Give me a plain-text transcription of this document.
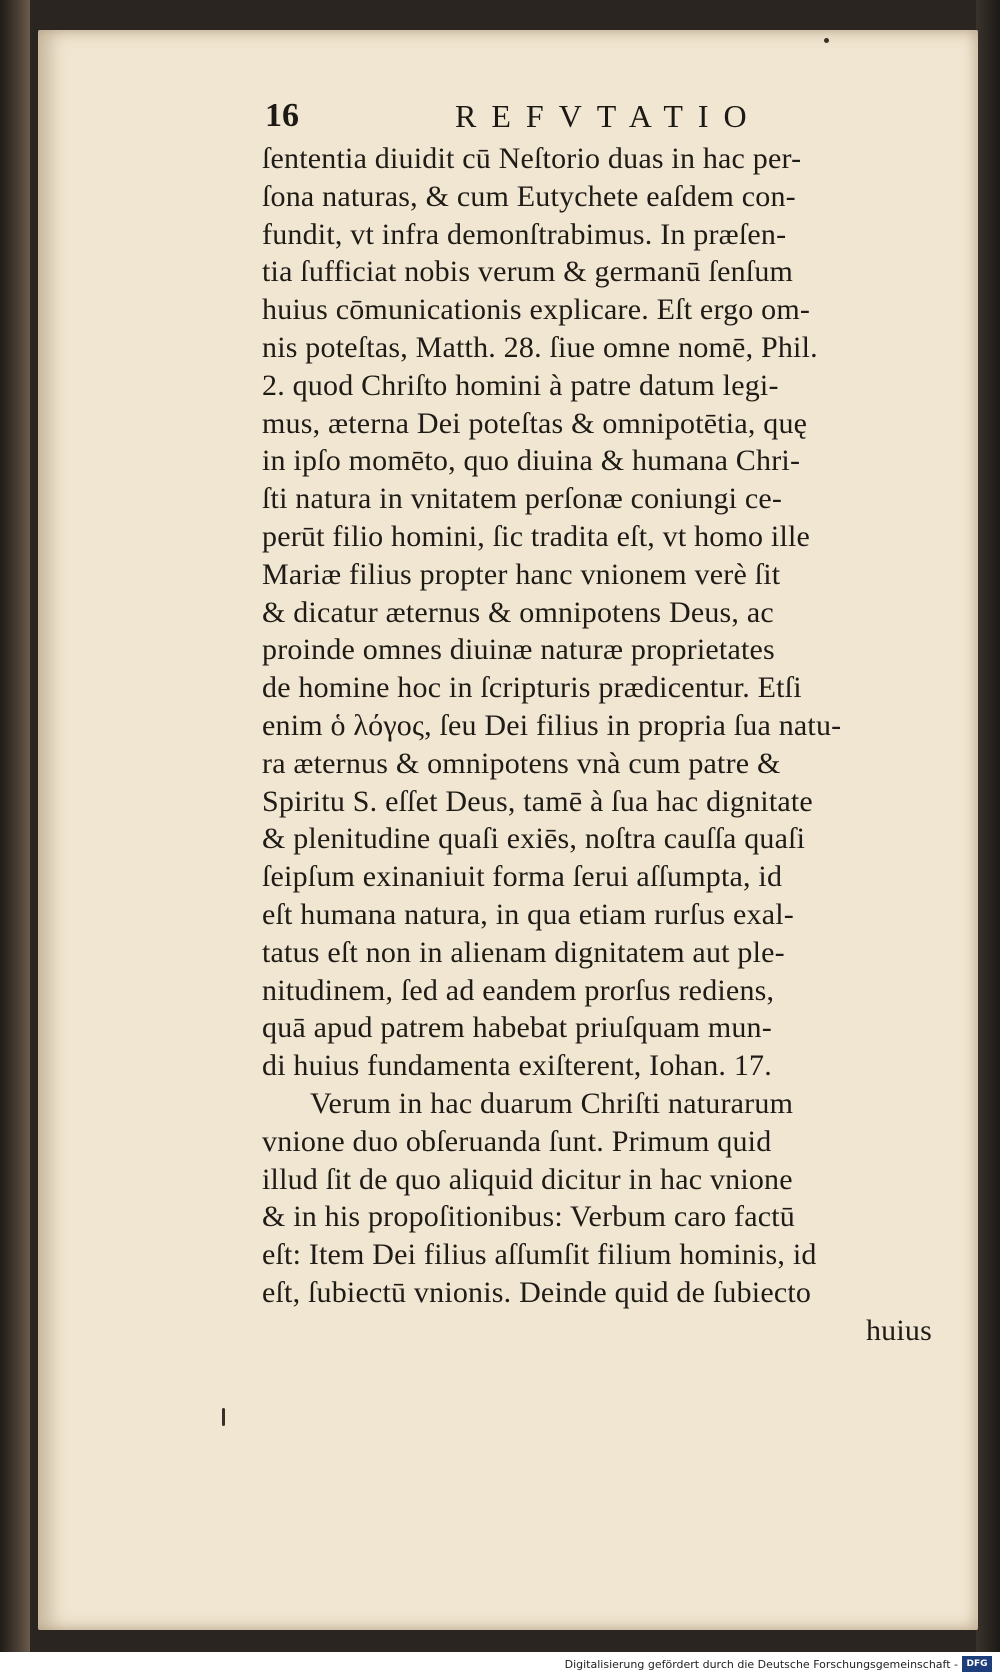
16	REFVTATIO
ſententia diuidit cū Neſtorio duas in hac per-
ſona naturas, & cum Eutychete eaſdem con-
fundit, vt infra demonſtrabimus. In præſen-
tia ſufficiat nobis verum & germanū ſenſum
huius cōmunicationis explicare. Eſt ergo om-
nis poteſtas, Matth. 28. ſiue omne nomē, Phil.
2. quod Chriſto homini à patre datum legi-
mus, æterna Dei poteſtas & omnipotētia, quę
in ipſo momēto, quo diuina & humana Chri-
ſti natura in vnitatem perſonæ coniungi ce-
perūt filio homini, ſic tradita eſt, vt homo ille
Mariæ filius propter hanc vnionem verè ſit
& dicatur æternus & omnipotens Deus, ac
proinde omnes diuinæ naturæ proprietates
de homine hoc in ſcripturis prædicentur. Etſi
enim ὁ λόγος, ſeu Dei filius in propria ſua natu-
ra æternus & omnipotens vnà cum patre &
Spiritu S. eſſet Deus, tamē à ſua hac dignitate
& plenitudine quaſi exiēs, noſtra cauſſa quaſi
ſeipſum exinaniuit forma ſerui aſſumpta, id
eſt humana natura, in qua etiam rurſus exal-
tatus eſt non in alienam dignitatem aut ple-
nitudinem, ſed ad eandem prorſus rediens,
quā apud patrem habebat priuſquam mun-
di huius fundamenta exiſterent, Iohan. 17.
Verum in hac duarum Chriſti naturarum
vnione duo obſeruanda ſunt. Primum quid
illud ſit de quo aliquid dicitur in hac vnione
& in his propoſitionibus: Verbum caro factū
eſt: Item Dei filius aſſumſit filium hominis, id
eſt, ſubiectū vnionis. Deinde quid de ſubiecto
huius
Digitalisierung gefördert durch die Deutsche Forschungsgemeinschaft - DFG
